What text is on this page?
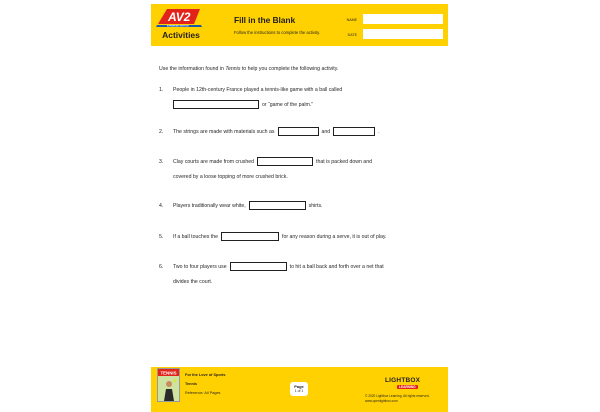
AV2
EXPANDED EDITION
Activities
Fill in the Blank
Follow the instructions to complete the activity.
NAME
DATE
Use the information found in Tennis to help you complete the following activity.
1.	People in 12th-century France played a tennis-like game with a ball called
or “game of the palm.”
2.	The strings are made with materials such as	and	.
3.	Clay courts are made from crushed	that is packed down and
covered by a loose topping of more crushed brick.
4.	Players traditionally wear white,	shirts.
5.	If a ball touches the	for any reason during a serve, it is out of play.
6.	Two to four players use	to hit a ball back and forth over a net that
divides the court.
TENNIS For the Love of Sports
Tennis
Reference: All Pages
Page
1 of 1
LIGHTBOX
LEARNING
© 2020 Lightbox Learning. All rights reserved.
www.openlightbox.com
